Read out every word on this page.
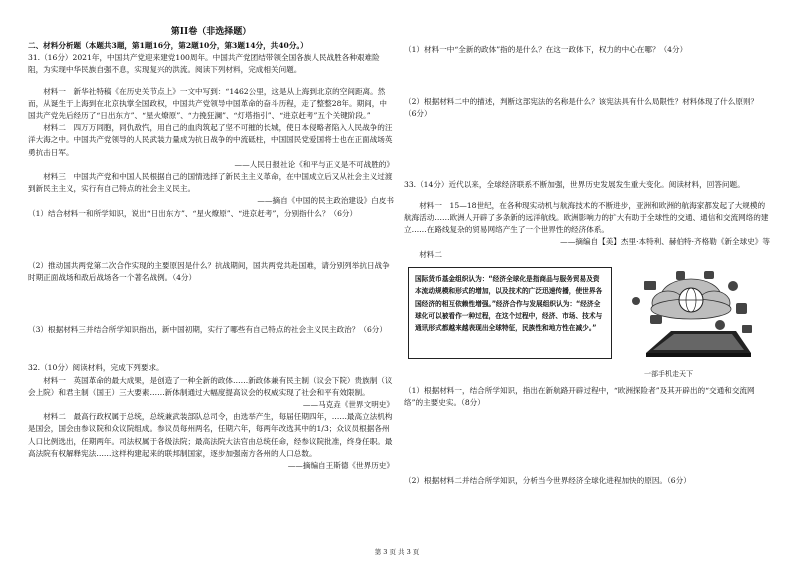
第II卷（非选择题）

二、材料分析题（本题共3题，第1题16分，第2题10分，第3题14分，共40分。）

31.（16分）2021年，中国共产党迎来建党100周年。中国共产党团结带领全国各族人民战胜各种艰难险阻，为实现中华民族自强不息，实现复兴的洪流。阅读下列材料，完成相关问题。

材料一　新华社特稿《在历史关节点上》一文中写到：“1462公里，这是从上海到北京的空间距离。然而，从诞生于上海到在北京执掌全国政权，中国共产党领导中国革命的奋斗历程，走了整整28年。期间，中国共产党先后经历了“日出东方”、“星火燎原”、“力挽狂澜”、“灯塔指引”、“进京赶考”五个关键阶段。”

材料二　四万万同胞，同仇敌忾，用自己的血肉筑起了坚不可摧的长城，使日本侵略者陷入人民战争的汪洋大海之中。中国共产党领导的人民武装力量成为抗日战争的中流砥柱，中国国民党爱国将士也在正面战场英勇抗击日军。

——人民日报社论《和平与正义是不可战胜的》

材料三　中国共产党和中国人民根据自己的国情选择了新民主主义革命，在中国成立后又从社会主义过渡到新民主主义，实行有自己特点的社会主义民主。

——摘自《中国的民主政治建设》白皮书

（1）结合材料一和所学知识，说出“日出东方”、“星火燎原”、“进京赶考”，分别指什么？（6分）

（2）推动国共两党第二次合作实现的主要原因是什么？抗战期间，国共两党共赴国难，请分别列举抗日战争时期正面战场和敌后战场各一个著名战例。（4分）

（3）根据材料三并结合所学知识指出，新中国初期，实行了哪些有自己特点的社会主义民主政治？（6分）

32.（10分）阅读材料，完成下列要求。

材料一　英国革命的最大成果，是创造了一种全新的政体……新政体兼有民主制（议会下院）贵族制（议会上院）和君主制（国王）三大要素……新体制通过大幅度提高议会的权威实现了社会和平有效限制。

——马克垚《世界文明史》

材料二　最高行政权属于总统，总统兼武装部队总司令，由选举产生，每届任期四年，……最高立法机构是国会，国会由参议院和众议院组成。参议员每州两名，任期六年，每两年改选其中的1/3；众议员根据各州人口比例选出，任期两年。司法权属于各级法院；最高法院大法官由总统任命，经参议院批准，终身任职。最高法院有权解释宪法……这样构建起来的联邦制国家，逐步加强南方各州的人口总数。

——摘编自王斯德《世界历史》

（1）材料一中“全新的政体”指的是什么？在这一政体下，权力的中心在哪？（4分）

（2）根据材料二中的描述，判断这部宪法的名称是什么？该宪法具有什么局限性？材料体现了什么原则？（6分）

33.（14分）近代以来，全球经济联系不断加强，世界历史发展发生重大变化。阅读材料，回答问题。

材料一　15—18世纪，在各种现实动机与航海技术的不断进步，亚洲和欧洲的航海家都发起了大规模的航海活动……欧洲人开辟了多条新的远洋航线。欧洲影响力的扩大有助于全球性的交通、通信和交流网络的建立……在路线复杂的贸易网络产生了一个世界性的经济体系。

——摘编自【美】杰里·本特利、赫伯特·齐格勒《新全球史》等

材料二

国际货币基金组织认为：“经济全球化是指商品与服务贸易及资本流动规模和形式的增加，以及技术的广泛迅速传播，使世界各国经济的相互依赖性增强。”经济合作与发展组织认为：“经济全球化可以被看作一种过程，在这个过程中，经济、市场、技术与通讯形式都越来越表现出全球特征，民族性和地方性在减少。”
一部手机走天下

（1）根据材料一，结合所学知识，指出在新航路开辟过程中，“欧洲探险者”及其开辟出的“交通和交流网络”的主要史实。（8分）

（2）根据材料二并结合所学知识，分析当今世界经济全球化进程加快的原因。（6分）

第 3 页 共 3 页
